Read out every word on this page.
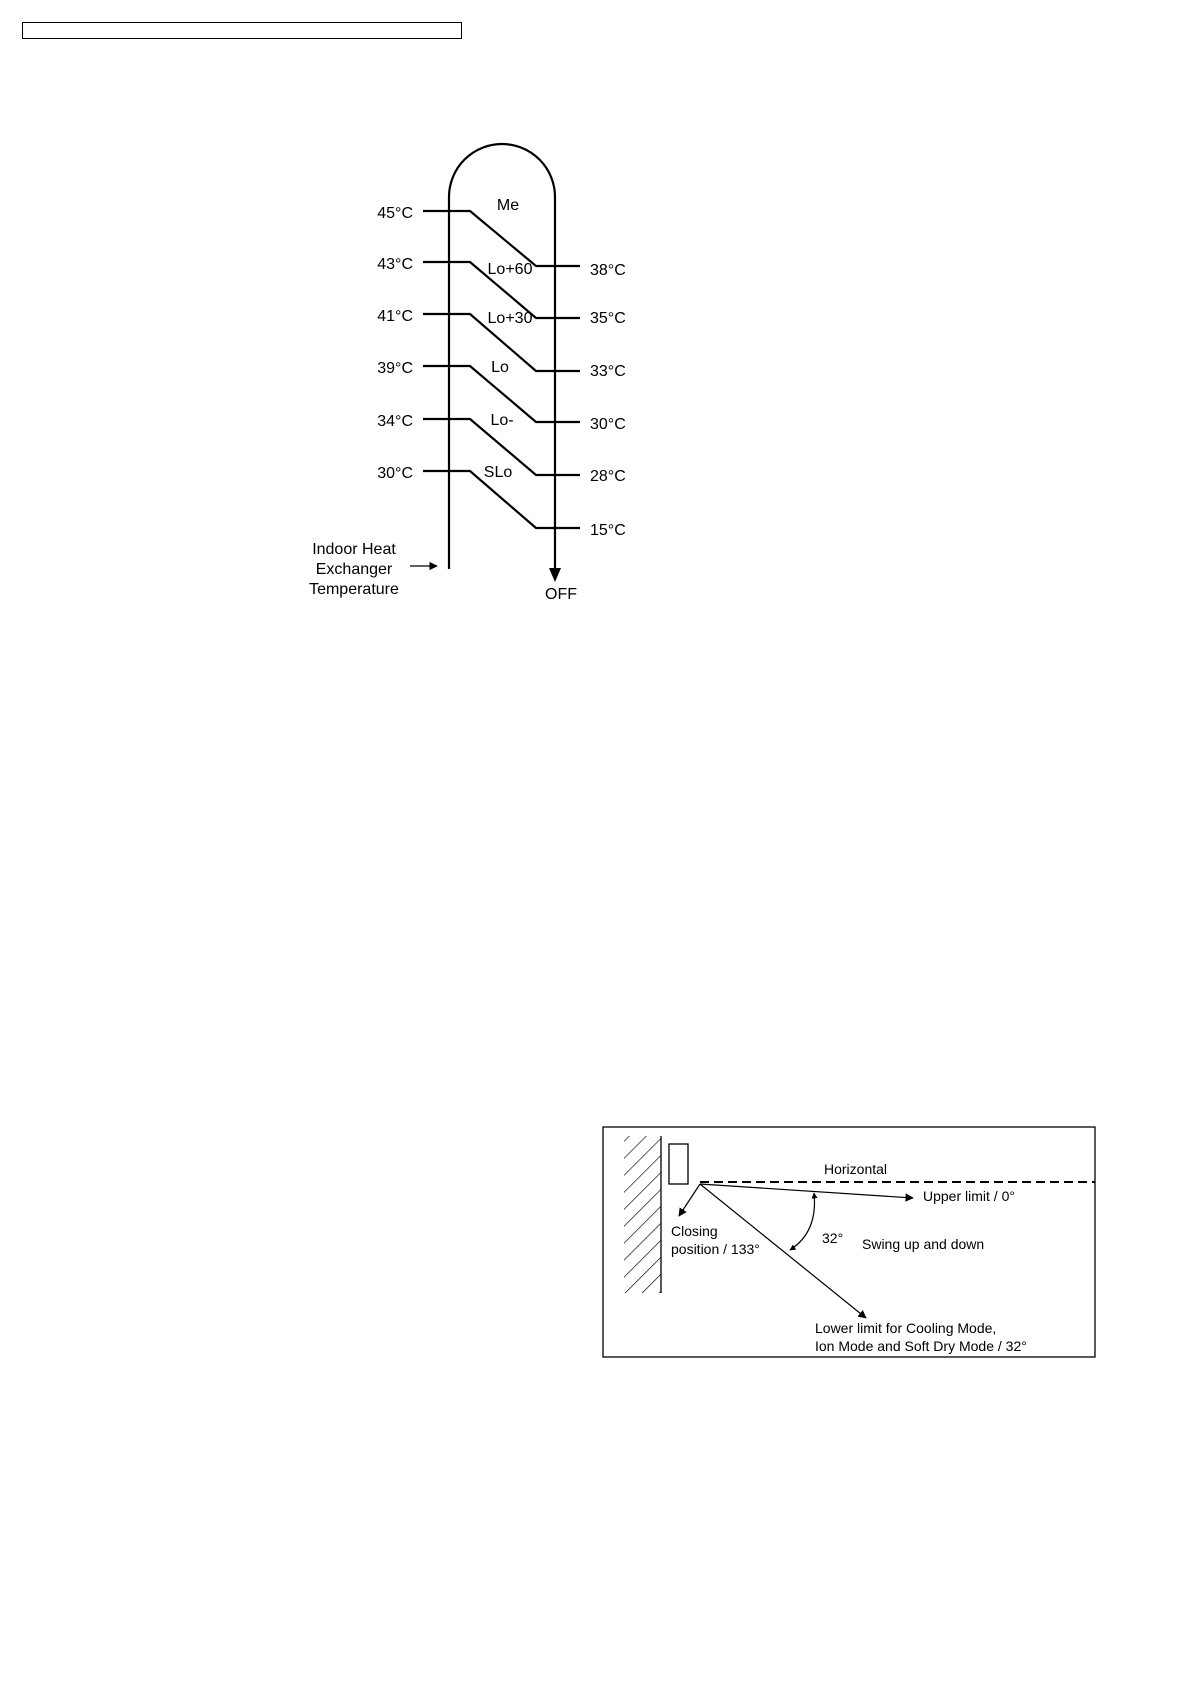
45°C	Me
38°C
43°C	Lo+60
35°C
41°C	Lo+30
33°C
39°C	Lo
30°C
34°C	Lo-
28°C
30°C	SLo
15°C
Indoor Heat
Exchanger
Temperature	OFF
Horizontal
Upper limit / 0°
Closing
position / 133°
32° Swing up and down
Lower limit for Cooling Mode,
Ion Mode and Soft Dry Mode / 32°
